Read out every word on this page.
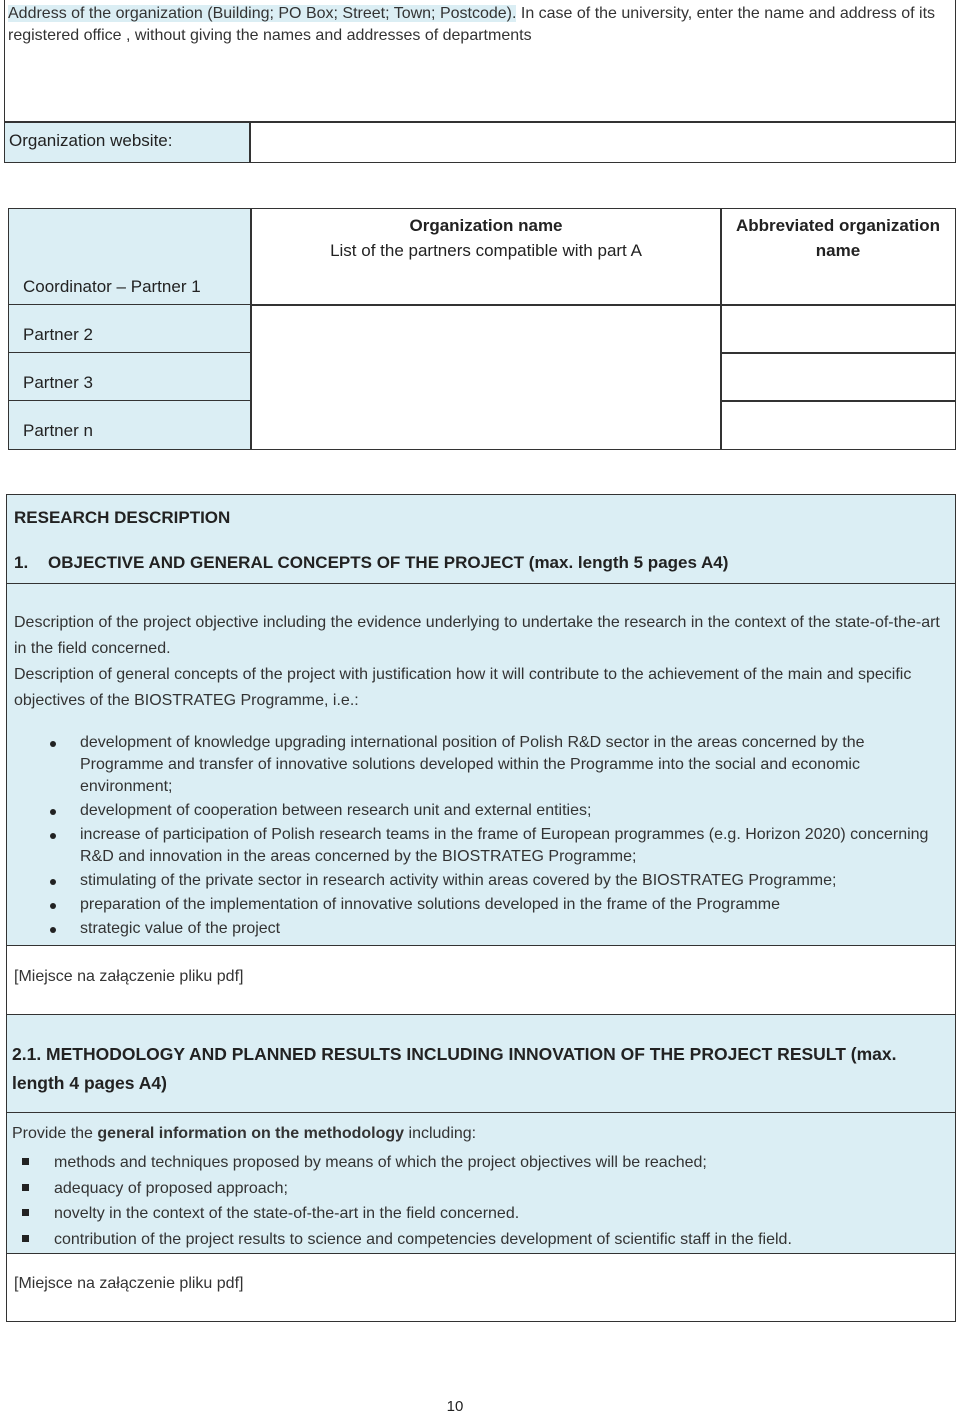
Address of the organization (Building; PO Box; Street; Town; Postcode). In case of the university, enter the name and address of its registered office , without giving the names and addresses of departments
Organization website:
Coordinator – Partner 1
Organization name
List of the partners compatible with part A
Abbreviated organization name
Partner 2
Partner 3
Partner n
RESEARCH DESCRIPTION
1. OBJECTIVE AND GENERAL CONCEPTS OF THE PROJECT (max. length 5 pages A4)
Description of the project objective including the evidence underlying to undertake the research in the context of the state-of-the-art in the field concerned.
Description of general concepts of the project with justification how it will contribute to the achievement of the main and specific objectives of the BIOSTRATEG Programme, i.e.:
development of knowledge upgrading international position of Polish R&D sector in the areas concerned by the Programme and transfer of innovative solutions developed within the Programme into the social and economic environment;
development of cooperation between research unit and external entities;
increase of participation of Polish research teams in the frame of European programmes (e.g. Horizon 2020) concerning R&D and innovation in the areas concerned by the BIOSTRATEG Programme;
stimulating of the private sector in research activity within areas covered by the BIOSTRATEG Programme;
preparation of the implementation of innovative solutions developed in the frame of the Programme
strategic value of the project
[Miejsce na załączenie pliku pdf]
2.1. METHODOLOGY AND PLANNED RESULTS INCLUDING INNOVATION OF THE PROJECT RESULT (max. length 4 pages A4)
Provide the general information on the methodology including:
methods and techniques proposed by means of which the project objectives will be reached;
adequacy of proposed approach;
novelty in the context of the state-of-the-art in the field concerned.
contribution of the project results to science and competencies development of scientific staff in the field.
[Miejsce na załączenie pliku pdf]
10
